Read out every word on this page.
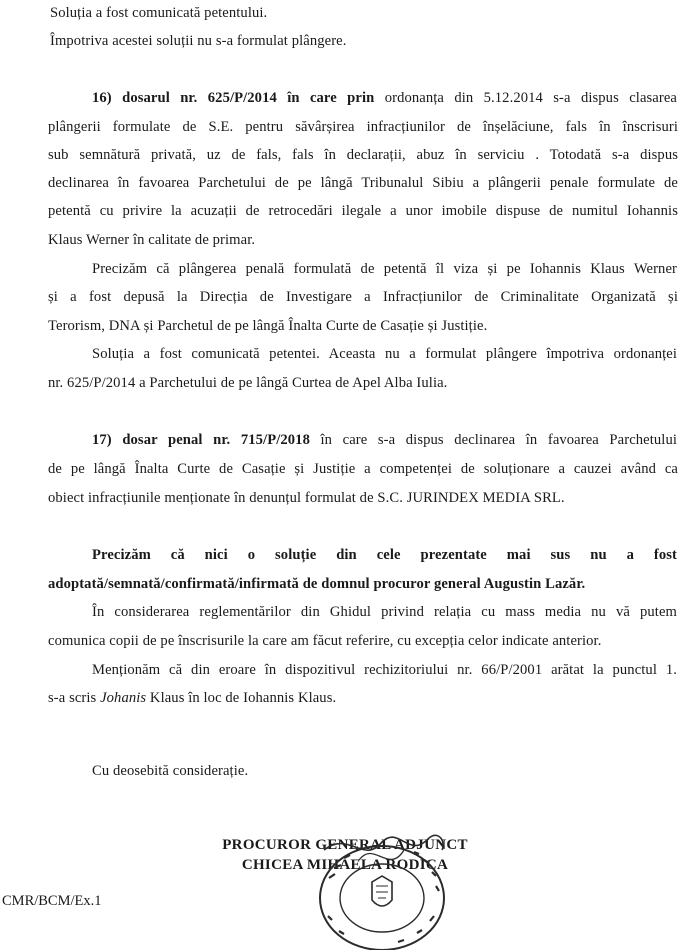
Soluția a fost comunicată petentului.
Împotriva acestei soluții nu s-a formulat plângere.
16) dosarul nr. 625/P/2014 în care prin ordonanța din 5.12.2014 s-a dispus clasarea
plângerii formulate de S.E. pentru săvârșirea infracțiunilor de înșelăciune, fals în înscrisuri
sub semnătură privată, uz de fals, fals în declarații, abuz în serviciu . Totodată s-a dispus
declinarea în favoarea Parchetului de pe lângă Tribunalul Sibiu a plângerii penale formulate de
petentă cu privire la acuzații de retrocedări ilegale a unor imobile dispuse de numitul Iohannis
Klaus Werner în calitate de primar.
Precizăm că plângerea penală formulată de petentă îl viza și pe Iohannis Klaus Werner
și a fost depusă la Direcția de Investigare a Infracțiunilor de Criminalitate Organizată și
Terorism, DNA și Parchetul de pe lângă Înalta Curte de Casație și Justiție.
Soluția a fost comunicată petentei. Aceasta nu a formulat plângere împotriva ordonanței
nr. 625/P/2014 a Parchetului de pe lângă Curtea de Apel Alba Iulia.
17) dosar penal nr. 715/P/2018 în care s-a dispus declinarea în favoarea Parchetului
de pe lângă Înalta Curte de Casație și Justiție a competenței de soluționare a cauzei având ca
obiect infracțiunile menționate în denunțul formulat de S.C. JURINDEX MEDIA SRL.
Precizăm că nici o soluție din cele prezentate mai sus nu a fost
adoptată/semnată/confirmată/infirmată de domnul procuror general Augustin Lazăr.
În considerarea reglementărilor din Ghidul privind relația cu mass media nu vă putem
comunica copii de pe înscrisurile la care am făcut referire, cu excepția celor indicate anterior.
Menționăm că din eroare în dispozitivul rechizitoriului nr. 66/P/2001 arătat la punctul 1.
s-a scris Johanis Klaus în loc de Iohannis Klaus.
Cu deosebită considerație.
PROCUROR GENERAL ADJUNCT
CHICEA MIHAELA RODICA
CMR/BCM/Ex.1
